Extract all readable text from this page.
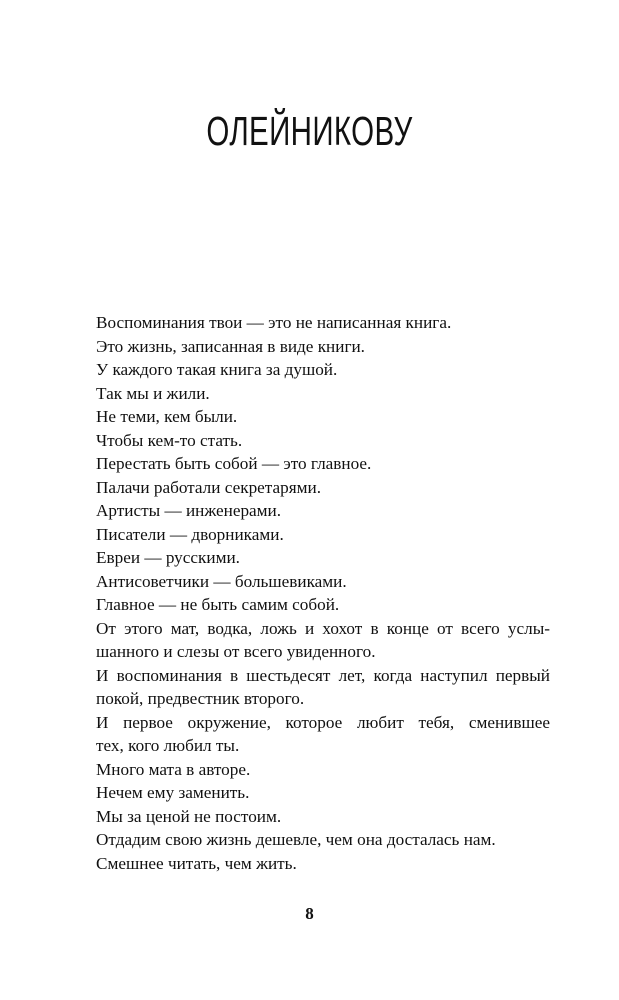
ОЛЕЙНИКОВУ
Воспоминания твои — это не написанная книга.
Это жизнь, записанная в виде книги.
У каждого такая книга за душой.
Так мы и жили.
Не теми, кем были.
Чтобы кем-то стать.
Перестать быть собой — это главное.
Палачи работали секретарями.
Артисты — инженерами.
Писатели — дворниками.
Евреи — русскими.
Антисоветчики — большевиками.
Главное — не быть самим собой.
От этого мат, водка, ложь и хохот в конце от всего услы-
шанного и слезы от всего увиденного.
И воспоминания в шестьдесят лет, когда наступил первый
покой, предвестник второго.
И первое окружение, которое любит тебя, сменившее
тех, кого любил ты.
Много мата в авторе.
Нечем ему заменить.
Мы за ценой не постоим.
Отдадим свою жизнь дешевле, чем она досталась нам.
Смешнее читать, чем жить.
8
